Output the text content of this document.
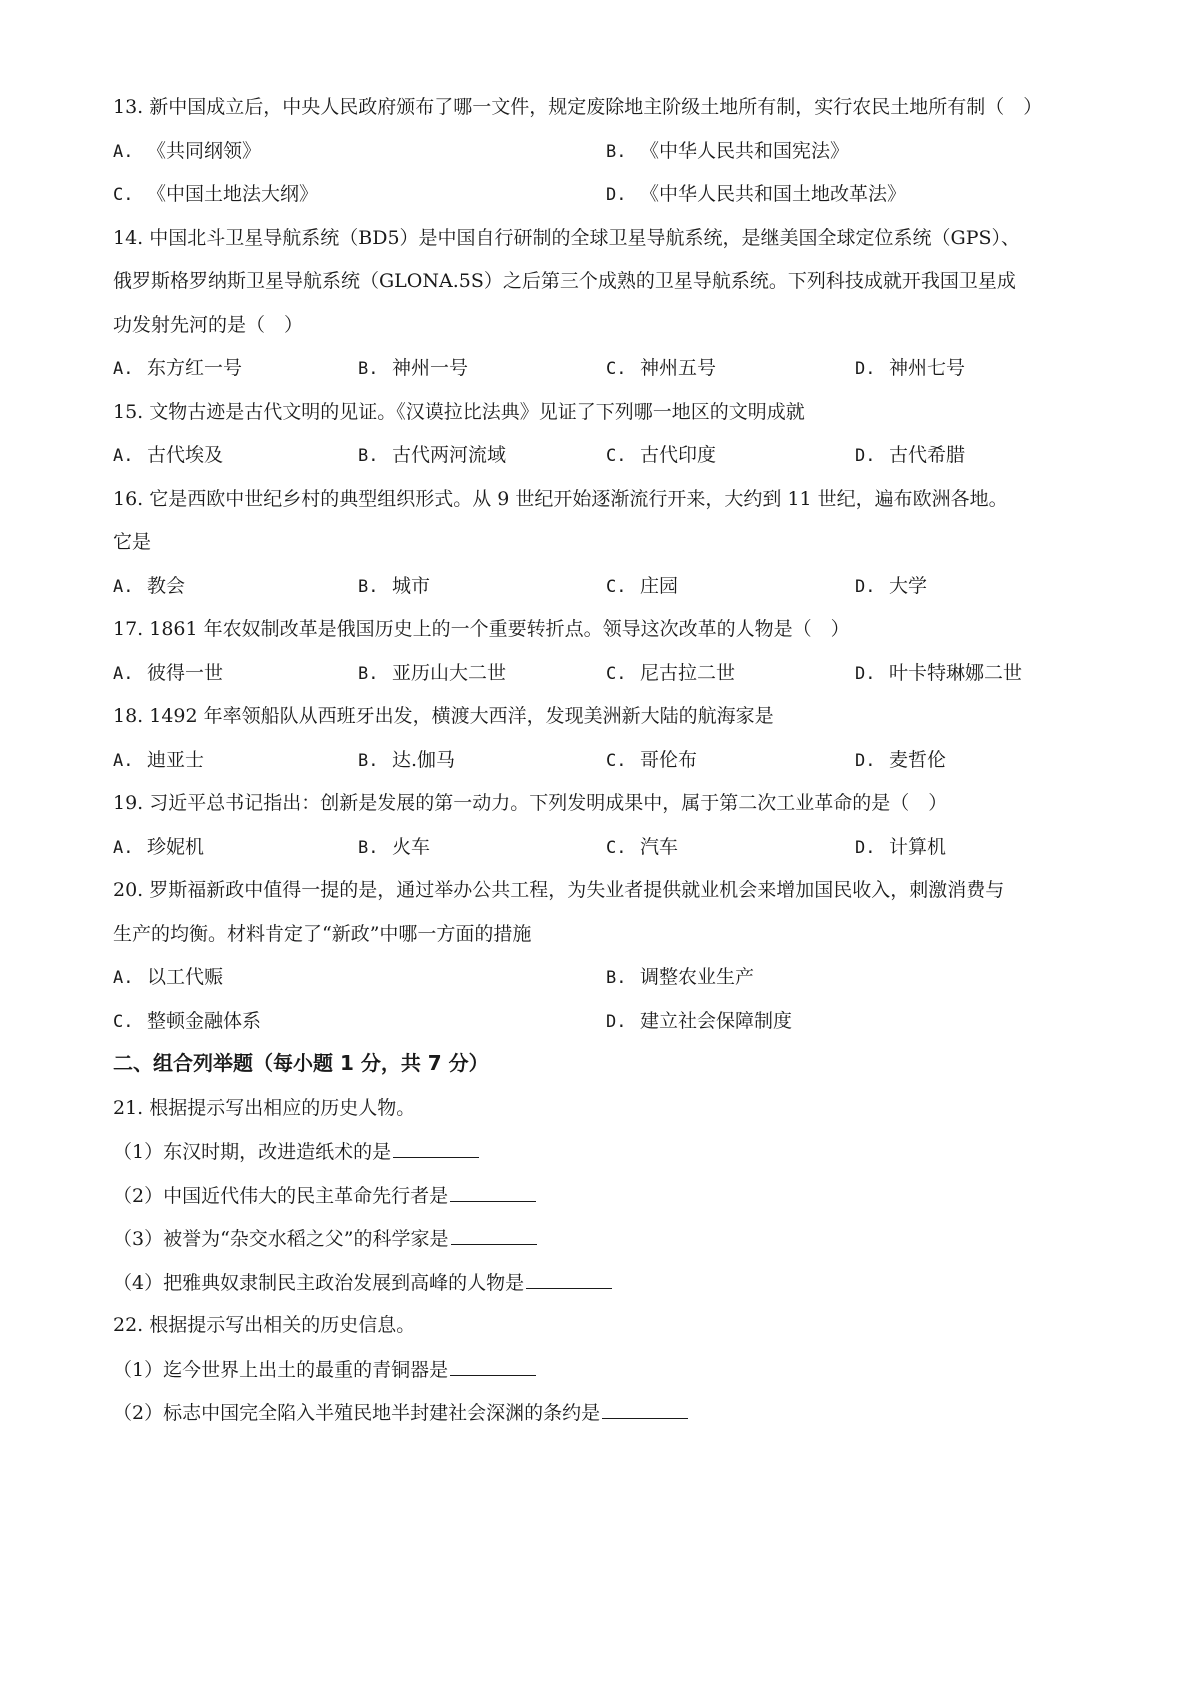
13. 新中国成立后，中央人民政府颁布了哪一文件，规定废除地主阶级土地所有制，实行农民土地所有制（　）
A. 《共同纲领》	B. 《中华人民共和国宪法》
C. 《中国土地法大纲》	D. 《中华人民共和国土地改革法》
14. 中国北斗卫星导航系统（BD5）是中国自行研制的全球卫星导航系统，是继美国全球定位系统（GPS）、
俄罗斯格罗纳斯卫星导航系统（GLONA.5S）之后第三个成熟的卫星导航系统。下列科技成就开我国卫星成
功发射先河的是（　）
A. 东方红一号	B. 神州一号	C. 神州五号	D. 神州七号
15. 文物古迹是古代文明的见证。《汉谟拉比法典》见证了下列哪一地区的文明成就
A. 古代埃及	B. 古代两河流域	C. 古代印度	D. 古代希腊
16. 它是西欧中世纪乡村的典型组织形式。从 9 世纪开始逐渐流行开来，大约到 11 世纪，遍布欧洲各地。
它是
A. 教会	B. 城市	C. 庄园	D. 大学
17. 1861 年农奴制改革是俄国历史上的一个重要转折点。领导这次改革的人物是（　）
A. 彼得一世	B. 亚历山大二世	C. 尼古拉二世	D. 叶卡特琳娜二世
18. 1492 年率领船队从西班牙出发，横渡大西洋，发现美洲新大陆的航海家是
A. 迪亚士	B. 达.伽马	C. 哥伦布	D. 麦哲伦
19. 习近平总书记指出：创新是发展的第一动力。下列发明成果中，属于第二次工业革命的是（　）
A. 珍妮机	B. 火车	C. 汽车	D. 计算机
20. 罗斯福新政中值得一提的是，通过举办公共工程，为失业者提供就业机会来增加国民收入，刺激消费与
生产的均衡。材料肯定了“新政”中哪一方面的措施
A. 以工代赈	B. 调整农业生产
C. 整顿金融体系	D. 建立社会保障制度
二、组合列举题（每小题 1 分，共 7 分）
21. 根据提示写出相应的历史人物。
（1）东汉时期，改进造纸术的是
（2）中国近代伟大的民主革命先行者是
（3）被誉为“杂交水稻之父”的科学家是
（4）把雅典奴隶制民主政治发展到高峰的人物是
22. 根据提示写出相关的历史信息。
（1）迄今世界上出土的最重的青铜器是
（2）标志中国完全陷入半殖民地半封建社会深渊的条约是
